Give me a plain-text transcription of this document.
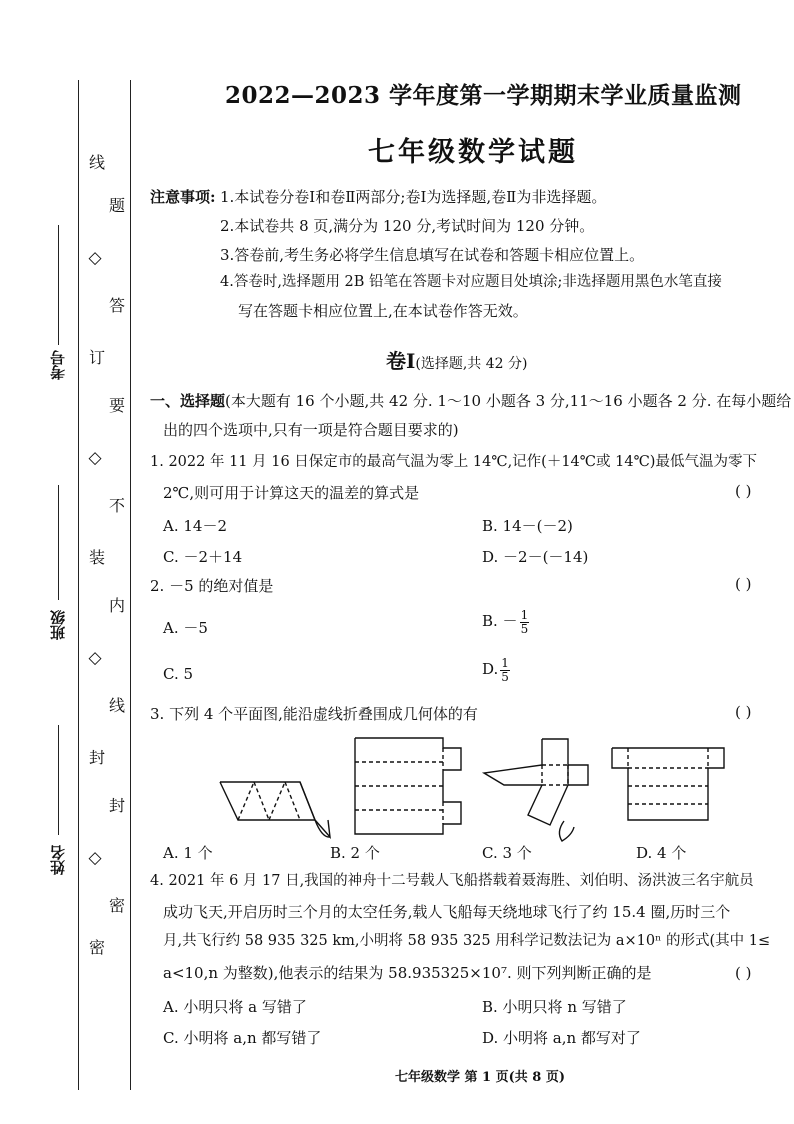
线
题
◇
答
订
要
◇
不
装
内
◇
线
封
封
◇
密
密
考号
班级
姓名
2022—2023 学年度第一学期期末学业质量监测
七年级数学试题
注意事项: 1.本试卷分卷Ⅰ和卷Ⅱ两部分;卷Ⅰ为选择题,卷Ⅱ为非选择题。
2.本试卷共 8 页,满分为 120 分,考试时间为 120 分钟。
3.答卷前,考生务必将学生信息填写在试卷和答题卡相应位置上。
4.答卷时,选择题用 2B 铅笔在答题卡对应题目处填涂;非选择题用黑色水笔直接
写在答题卡相应位置上,在本试卷作答无效。
卷Ⅰ(选择题,共 42 分)
一、选择题(本大题有 16 个小题,共 42 分. 1～10 小题各 3 分,11～16 小题各 2 分. 在每小题给
出的四个选项中,只有一项是符合题目要求的)
1. 2022 年 11 月 16 日保定市的最高气温为零上 14℃,记作(＋14℃或 14℃)最低气温为零下
2℃,则可用于计算这天的温差的算式是	( )
A. 14－2	B. 14－(－2)
C. －2＋14	D. －2－(－14)
2. －5 的绝对值是	( )
A. －5	B. － $\frac{1}{5}$
C. 5	D. $\frac{1}{5}$
3. 下列 4 个平面图,能沿虚线折叠围成几何体的有	( )
A. 1 个	B. 2 个	C. 3 个	D. 4 个
4. 2021 年 6 月 17 日,我国的神舟十二号载人飞船搭载着聂海胜、刘伯明、汤洪波三名宇航员
成功飞天,开启历时三个月的太空任务,载人飞船每天绕地球飞行了约 15.4 圈,历时三个
月,共飞行约 58 935 325 km,小明将 58 935 325 用科学记数法记为 a×10ⁿ 的形式(其中 1≤
a<10,n 为整数),他表示的结果为 58.935325×10⁷. 则下列判断正确的是	( )
A. 小明只将 a 写错了	B. 小明只将 n 写错了
C. 小明将 a,n 都写错了	D. 小明将 a,n 都写对了
七年级数学 第 1 页(共 8 页)
